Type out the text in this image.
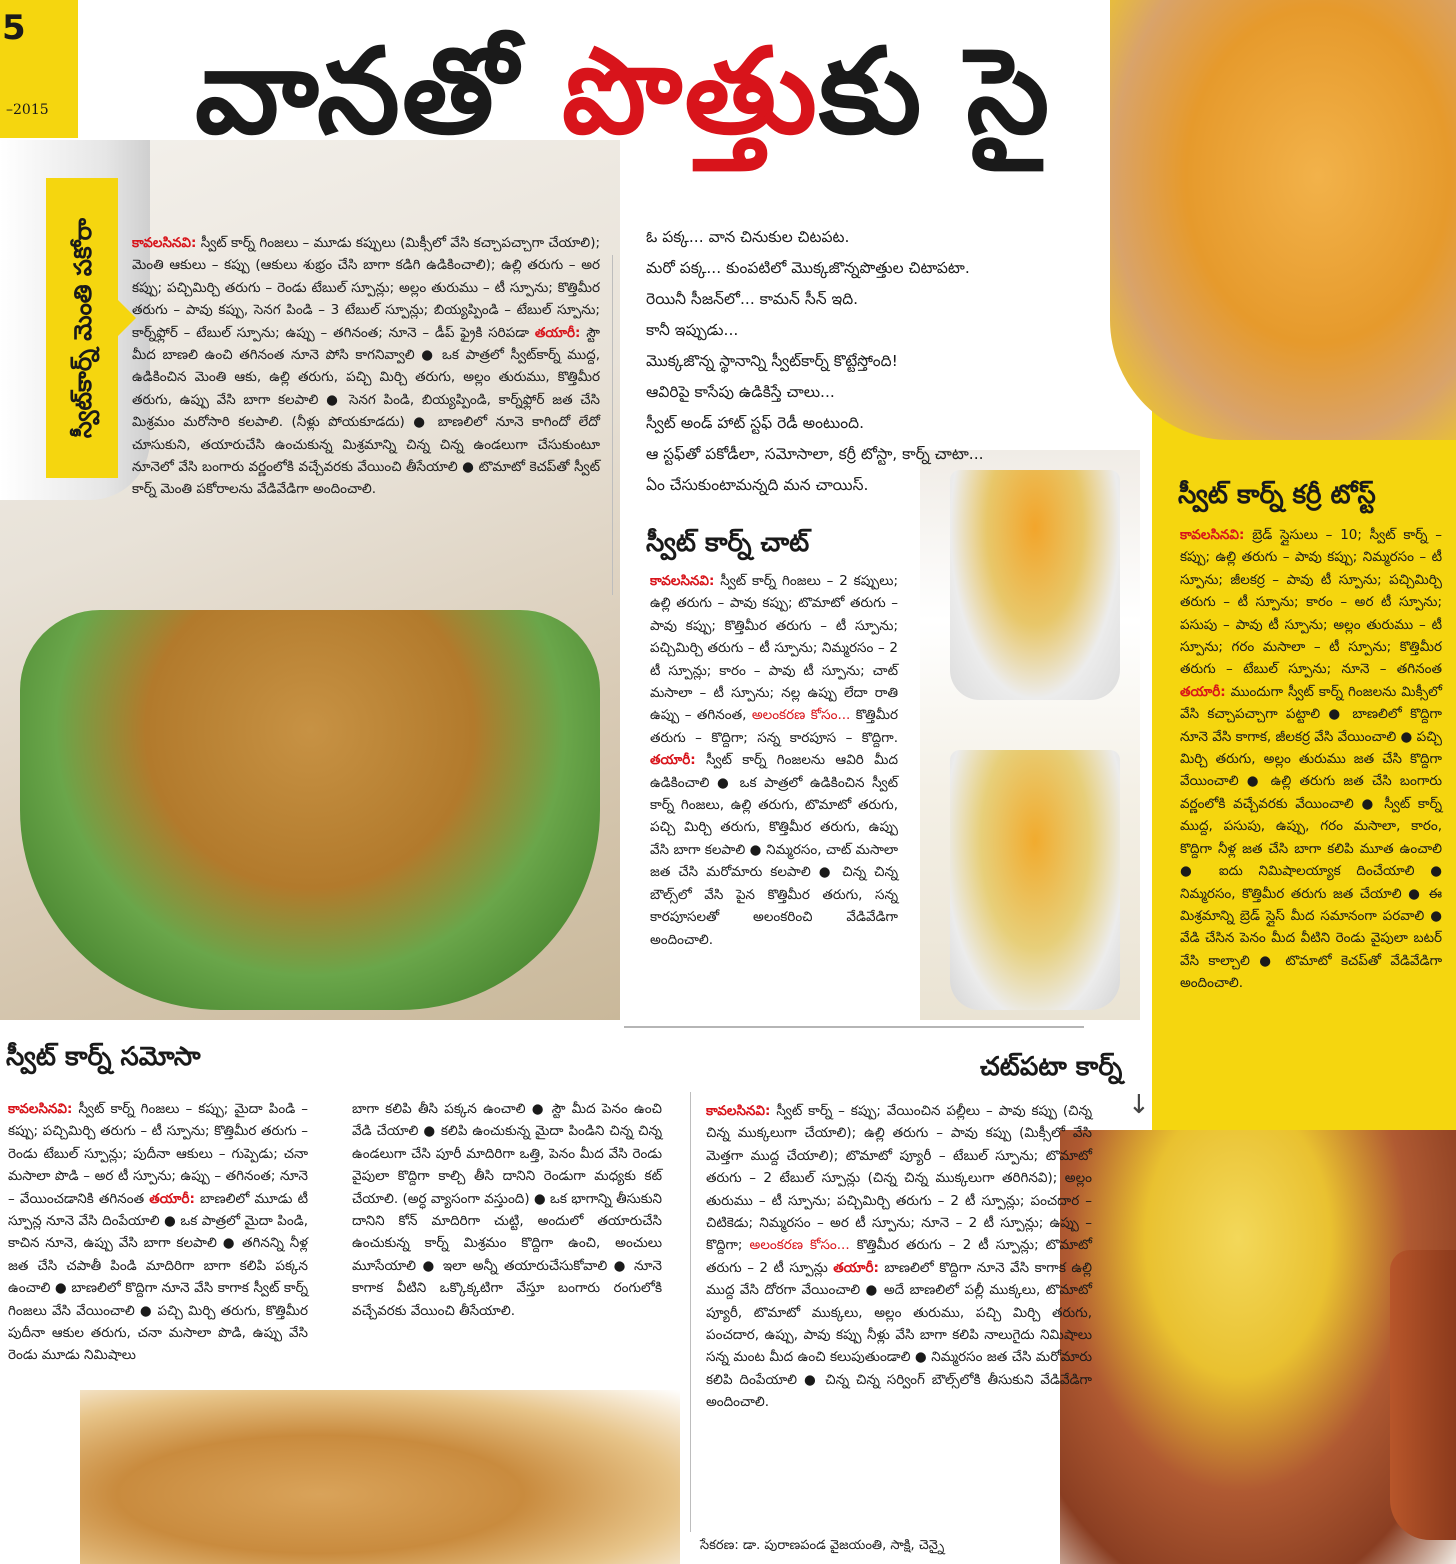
5
–2015 వానతో పొత్తుకు సై
స్వీట్‌కార్న్ మెంతి పకోరా	కావలసినవి: స్వీట్ కార్న్ గింజలు – మూడు కప్పులు (మిక్సీలో వేసి కచ్చాపచ్చాగా చేయాలి); మెంతి ఆకులు – కప్పు (ఆకులు శుభ్రం చేసి బాగా కడిగి ఉడికించాలి); ఉల్లి తరుగు – అర కప్పు; పచ్చిమిర్చి తరుగు – రెండు టేబుల్ స్పూన్లు; అల్లం తురుము – టీ స్పూను; కొత్తిమీర తరుగు – పావు కప్పు, సెనగ పిండి – 3 టేబుల్ స్పూన్లు; బియ్యప్పిండి – టేబుల్ స్పూను; కార్న్‌ఫ్లోర్ – టేబుల్ స్పూను; ఉప్పు – తగినంత; నూనె – డీప్ ఫ్రైకి సరిపడా తయారీ: స్టౌ మీద బాణలి ఉంచి తగినంత నూనె పోసి కాగనివ్వాలి ● ఒక పాత్రలో స్వీట్‌కార్న్ ముద్ద, ఉడికించిన మెంతి ఆకు, ఉల్లి తరుగు, పచ్చి మిర్చి తరుగు, అల్లం తురుము, కొత్తిమీర తరుగు, ఉప్పు వేసి బాగా కలపాలి ● సెనగ పిండి, బియ్యప్పిండి, కార్న్‌ఫ్లోర్ జత చేసి మిశ్రమం మరోసారి కలపాలి. (నీళ్లు పోయకూడదు) ● బాణలిలో నూనె కాగిందో లేదో చూసుకుని, తయారుచేసి ఉంచుకున్న మిశ్రమాన్ని చిన్న చిన్న ఉండలుగా చేసుకుంటూ నూనెలో వేసి బంగారు వర్ణంలోకి వచ్చేవరకు వేయించి తీసేయాలి ● టొమాటో కెచప్‌తో స్వీట్ కార్న్ మెంతి పకోరాలను వేడివేడిగా అందించాలి.

ఓ పక్క... వాన చినుకుల చిటపట.

మరో పక్క... కుంపటిలో మొక్కజొన్నపొత్తుల చిటాపటా.

రెయినీ సీజన్‌లో... కామన్ సీన్ ఇది.

కానీ ఇప్పుడు...

మొక్కజొన్న స్థానాన్ని స్వీట్‌కార్న్ కొట్టేస్తోంది!

ఆవిరిపై కాసేపు ఉడికిస్తే చాలు...

స్వీట్ అండ్ హాట్ స్టఫ్ రెడీ అంటుంది.

ఆ స్టఫ్‌తో పకోడీలా, సమోసాలా, కర్రీ టోస్టా, కార్న్ చాటా...

ఏం చేసుకుంటామన్నది మన చాయిస్.

స్వీట్ కార్న్ చాట్
కావలసినవి: స్వీట్ కార్న్ గింజలు – 2 కప్పులు; ఉల్లి తరుగు – పావు కప్పు; టొమాటో తరుగు – పావు కప్పు; కొత్తిమీర తరుగు – టీ స్పూను; పచ్చిమిర్చి తరుగు – టీ స్పూను; నిమ్మరసం – 2 టీ స్పూన్లు; కారం – పావు టీ స్పూను; చాట్ మసాలా – టీ స్పూను; నల్ల ఉప్పు లేదా రాతి ఉప్పు – తగినంత, అలంకరణ కోసం... కొత్తిమీర తరుగు – కొద్దిగా; సన్న కారపూస – కొద్దిగా. తయారీ: స్వీట్ కార్న్ గింజలను ఆవిరి మీద ఉడికించాలి ● ఒక పాత్రలో ఉడికించిన స్వీట్ కార్న్ గింజలు, ఉల్లి తరుగు, టొమాటో తరుగు, పచ్చి మిర్చి తరుగు, కొత్తిమీర తరుగు, ఉప్పు వేసి బాగా కలపాలి ● నిమ్మరసం, చాట్ మసాలా జత చేసి మరోమారు కలపాలి ● చిన్న చిన్న బౌల్స్‌లో వేసి పైన కొత్తిమీర తరుగు, సన్న కారపూసలతో అలంకరించి వేడివేడిగా అందించాలి.
స్వీట్ కార్న్ కర్రీ టోస్ట్
కావలసినవి: బ్రెడ్ స్లైసులు – 10; స్వీట్ కార్న్ – కప్పు; ఉల్లి తరుగు – పావు కప్పు; నిమ్మరసం – టీ స్పూను; జీలకర్ర – పావు టీ స్పూను; పచ్చిమిర్చి తరుగు – టీ స్పూను; కారం – అర టీ స్పూను; పసుపు – పావు టీ స్పూను; అల్లం తురుము – టీ స్పూను; గరం మసాలా – టీ స్పూను; కొత్తిమీర తరుగు – టేబుల్ స్పూను; నూనె – తగినంత తయారీ: ముందుగా స్వీట్ కార్న్ గింజలను మిక్సీలో వేసి కచ్చాపచ్చాగా పట్టాలి ● బాణలిలో కొద్దిగా నూనె వేసి కాగాక, జీలకర్ర వేసి వేయించాలి ● పచ్చి మిర్చి తరుగు, అల్లం తురుము జత చేసి కొద్దిగా వేయించాలి ● ఉల్లి తరుగు జత చేసి బంగారు వర్ణంలోకి వచ్చేవరకు వేయించాలి ● స్వీట్ కార్న్ ముద్ద, పసుపు, ఉప్పు, గరం మసాలా, కారం, కొద్దిగా నీళ్ల జత చేసి బాగా కలిపి మూత ఉంచాలి ● ఐదు నిమిషాలయ్యాక దించేయాలి ● నిమ్మరసం, కొత్తిమీర తరుగు జత చేయాలి ● ఈ మిశ్రమాన్ని బ్రెడ్ స్లైస్ మీద సమానంగా పరవాలి ● వేడి చేసిన పెనం మీద వీటిని రెండు వైపులా బటర్ వేసి కాల్చాలి ● టొమాటో కెచప్‌తో వేడివేడిగా అందించాలి.
స్వీట్ కార్న్ సమోసా
కావలసినవి: స్వీట్ కార్న్ గింజలు – కప్పు; మైదా పిండి – కప్పు; పచ్చిమిర్చి తరుగు – టీ స్పూను; కొత్తిమీర తరుగు – రెండు టేబుల్ స్పూన్లు; పుదీనా ఆకులు – గుప్పెడు; చనా మసాలా పొడి – అర టీ స్పూను; ఉప్పు – తగినంత; నూనె – వేయించడానికి తగినంత తయారీ: బాణలిలో మూడు టీ స్పూన్ల నూనె వేసి దింపేయాలి ● ఒక పాత్రలో మైదా పిండి, కాచిన నూనె, ఉప్పు వేసి బాగా కలపాలి ● తగినన్ని నీళ్ల జత చేసి చపాతీ పిండి మాదిరిగా బాగా కలిపి పక్కన ఉంచాలి ● బాణలిలో కొద్దిగా నూనె వేసి కాగాక స్వీట్ కార్న్ గింజలు వేసి వేయించాలి ● పచ్చి మిర్చి తరుగు, కొత్తిమీర పుదీనా ఆకుల తరుగు, చనా మసాలా పొడి, ఉప్పు వేసి రెండు మూడు నిమిషాలు
బాగా కలిపి తీసి పక్కన ఉంచాలి ● స్టౌ మీద పెనం ఉంచి వేడి చేయాలి ● కలిపి ఉంచుకున్న మైదా పిండిని చిన్న చిన్న ఉండలుగా చేసి పూరీ మాదిరిగా ఒత్తి, పెనం మీద వేసి రెండు వైపులా కొద్దిగా కాల్చి తీసి దానిని రెండుగా మధ్యకు కట్ చేయాలి. (అర్ధ వ్యాసంగా వస్తుంది) ● ఒక భాగాన్ని తీసుకుని దానిని కోన్ మాదిరిగా చుట్టి, అందులో తయారుచేసి ఉంచుకున్న కార్న్ మిశ్రమం కొద్దిగా ఉంచి, అంచులు మూసేయాలి ● ఇలా అన్నీ తయారుచేసుకోవాలి ● నూనె కాగాక వీటిని ఒక్కొక్కటిగా వేస్తూ బంగారు రంగులోకి వచ్చేవరకు వేయించి తీసేయాలి.
చట్‌పటా కార్న్
↓
కావలసినవి: స్వీట్ కార్న్ – కప్పు; వేయించిన పల్లీలు – పావు కప్పు (చిన్న చిన్న ముక్కలుగా చేయాలి); ఉల్లి తరుగు – పావు కప్పు (మిక్సీలో వేసి మెత్తగా ముద్ద చేయాలి); టొమాటో ప్యూరీ – టేబుల్ స్పూను; టొమాటో తరుగు – 2 టేబుల్ స్పూన్లు (చిన్న చిన్న ముక్కలుగా తరిగినవి); అల్లం తురుము – టీ స్పూను; పచ్చిమిర్చి తరుగు – 2 టీ స్పూన్లు; పంచదార – చిటికెడు; నిమ్మరసం – అర టీ స్పూను; నూనె – 2 టీ స్పూన్లు; ఉప్పు – కొద్దిగా; అలంకరణ కోసం... కొత్తిమీర తరుగు – 2 టీ స్పూన్లు; టొమాటో తరుగు – 2 టీ స్పూన్లు తయారీ: బాణలిలో కొద్దిగా నూనె వేసి కాగాక ఉల్లి ముద్ద వేసి దోరగా వేయించాలి ● అదే బాణలిలో పల్లీ ముక్కలు, టొమాటో ప్యూరీ, టొమాటో ముక్కలు, అల్లం తురుము, పచ్చి మిర్చి తరుగు, పంచదార, ఉప్పు, పావు కప్పు నీళ్లు వేసి బాగా కలిపి నాలుగైదు నిమిషాలు సన్న మంట మీద ఉంచి కలుపుతుండాలి ● నిమ్మరసం జత చేసి మరోమారు కలిపి దింపేయాలి ● చిన్న చిన్న సర్వింగ్ బౌల్స్‌లోకి తీసుకుని వేడివేడిగా అందించాలి.
సేకరణ: డా. పురాణపండ వైజయంతి, సాక్షి, చెన్నై
